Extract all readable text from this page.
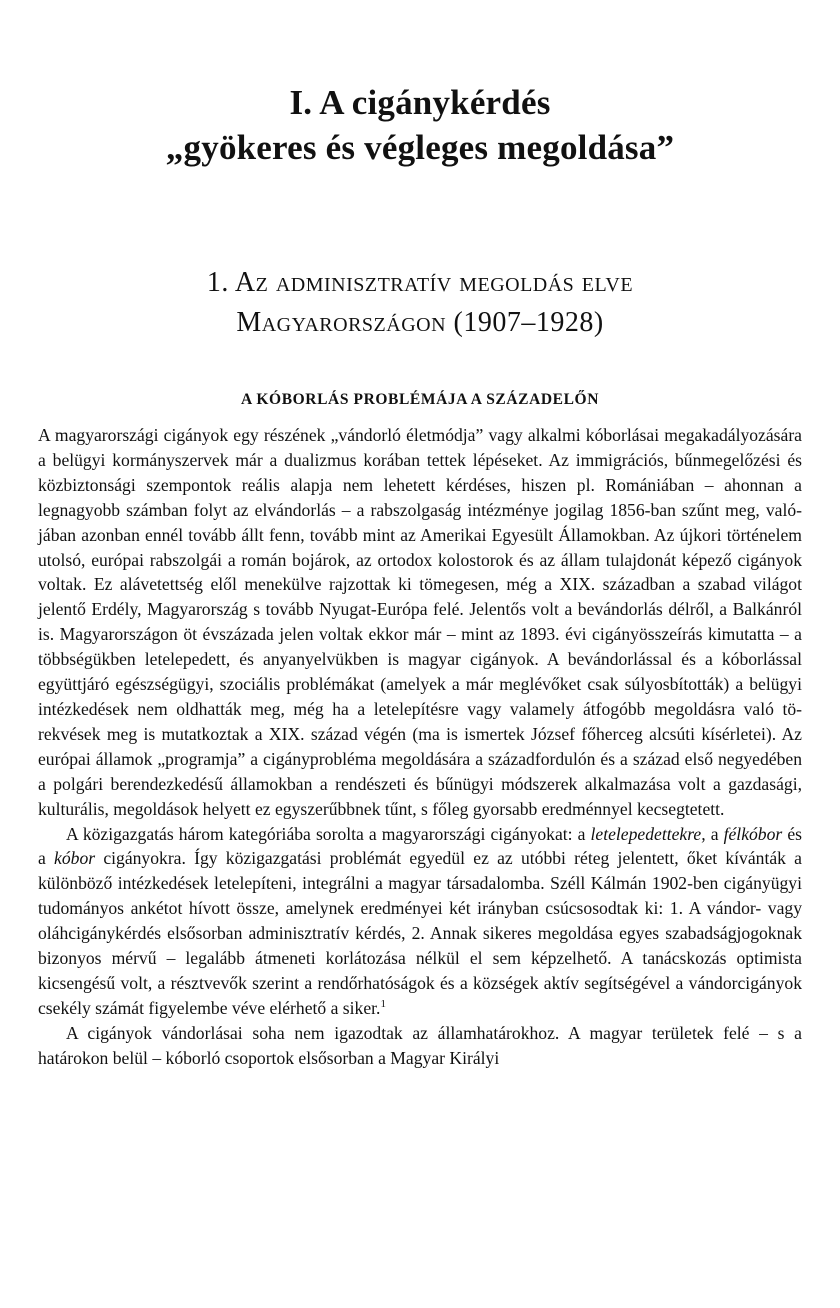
I. A cigánykérdés
„gyökeres és végleges megoldása”
1. Az adminisztratív megoldás elve
Magyarországon (1907–1928)
A KÓBORLÁS PROBLÉMÁJA A SZÁZADELŐN

A magyarországi cigányok egy részének „vándorló életmódja” vagy alkalmi kóborlásai megakadályozására a belügyi kormányszervek már a dualizmus korában tettek lépéseket. Az immigrációs, bűnmegelőzési és közbiztonsági szempontok reális alapja nem lehetett kérdéses, hiszen pl. Romániában – ahonnan a legnagyobb számban folyt az elvándorlás – a rabszolgaság intézménye jogilag 1856-ban szűnt meg, valójában azonban ennél tovább állt fenn, tovább mint az Amerikai Egyesült Államokban. Az újkori történelem utolsó, európai rabszolgái a román bojárok, az ortodox kolostorok és az állam tulajdonát képező cigányok voltak. Ez alávetettség elől menekülve rajzottak ki tömegesen, még a XIX. században a szabad világot jelentő Erdély, Magyarország s tovább Nyugat-Európa felé. Jelentős volt a bevándorlás délről, a Balkánról is. Magyarországon öt évszázada jelen voltak ekkor már – mint az 1893. évi cigányösszeírás kimutatta – a többségükben letelepedett, és anyanyelvükben is magyar cigányok. A bevándorlással és a kóborlással együttjáró egészségügyi, szociális problémákat (amelyek a már meglévőket csak súlyosbították) a belügyi intézkedések nem oldhatták meg, még ha a letelepítésre vagy valamely átfogóbb megoldásra való törekvések meg is mutatkoztak a XIX. század végén (ma is ismertek József főherceg alcsúti kísérletei). Az európai államok „programja” a cigányprobléma megoldására a századfordulón és a század első negyedében a polgári berendezkedésű államokban a rendészeti és bűnügyi módszerek alkalmazása volt a gazdasági, kulturális, megoldások helyett ez egyszerűbbnek tűnt, s főleg gyorsabb eredménnyel kecsegtetett.

A közigazgatás három kategóriába sorolta a magyarországi cigányokat: a letelepedettekre, a félkóbor és a kóbor cigányokra. Így közigazgatási problémát egyedül ez az utóbbi réteg jelentett, őket kívánták a különböző intézkedések letelepíteni, integrálni a magyar társadalomba. Széll Kálmán 1902-ben cigányügyi tudományos ankétot hívott össze, amelynek eredményei két irányban csúcsosodtak ki: 1. A vándor- vagy oláhcigánykérdés elsősorban adminisztratív kérdés, 2. Annak sikeres megoldása egyes szabadságjogoknak bizonyos mérvű – legalább átmeneti korlátozása nélkül el sem képzelhető. A tanácskozás optimista kicsengésű volt, a résztvevők szerint a rendőrhatóságok és a községek aktív segítségével a vándorcigányok csekély számát figyelembe véve elérhető a siker.$^1$

A cigányok vándorlásai soha nem igazodtak az államhatárokhoz. A magyar területek felé – s a határokon belül – kóborló csoportok elsősorban a Magyar Királyi
